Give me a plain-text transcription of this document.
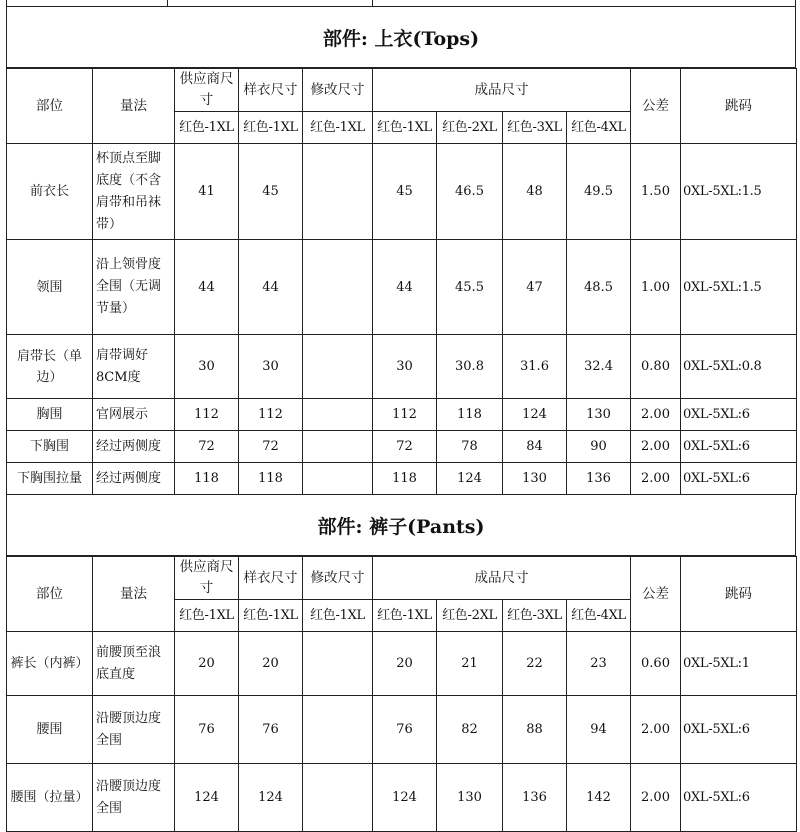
部件: 上衣(Tops)
部位	量法	供应商尺寸	样衣尺寸	修改尺寸	成品尺寸				公差	跳码
		红色-1XL	红色-1XL	红色-1XL	红色-1XL	红色-2XL	红色-3XL	红色-4XL		
前衣长	杯顶点至脚底度（不含肩带和吊袜带）	41	45		45	46.5	48	49.5	1.50	0XL-5XL:1.5
领围	沿上领骨度全围（无调节量）	44	44		44	45.5	47	48.5	1.00	0XL-5XL:1.5
肩带长（单边）	肩带调好8CM度	30	30		30	30.8	31.6	32.4	0.80	0XL-5XL:0.8
胸围	官网展示	112	112		112	118	124	130	2.00	0XL-5XL:6
下胸围	经过两侧度	72	72		72	78	84	90	2.00	0XL-5XL:6
下胸围拉量	经过两侧度	118	118		118	124	130	136	2.00	0XL-5XL:6
部件: 裤子(Pants)
部位	量法	供应商尺寸	样衣尺寸	修改尺寸	成品尺寸				公差	跳码
		红色-1XL	红色-1XL	红色-1XL	红色-1XL	红色-2XL	红色-3XL	红色-4XL		
裤长（内裤）	前腰顶至浪底直度	20	20		20	21	22	23	0.60	0XL-5XL:1
腰围	沿腰顶边度全围	76	76		76	82	88	94	2.00	0XL-5XL:6
腰围（拉量）	沿腰顶边度全围	124	124		124	130	136	142	2.00	0XL-5XL:6
